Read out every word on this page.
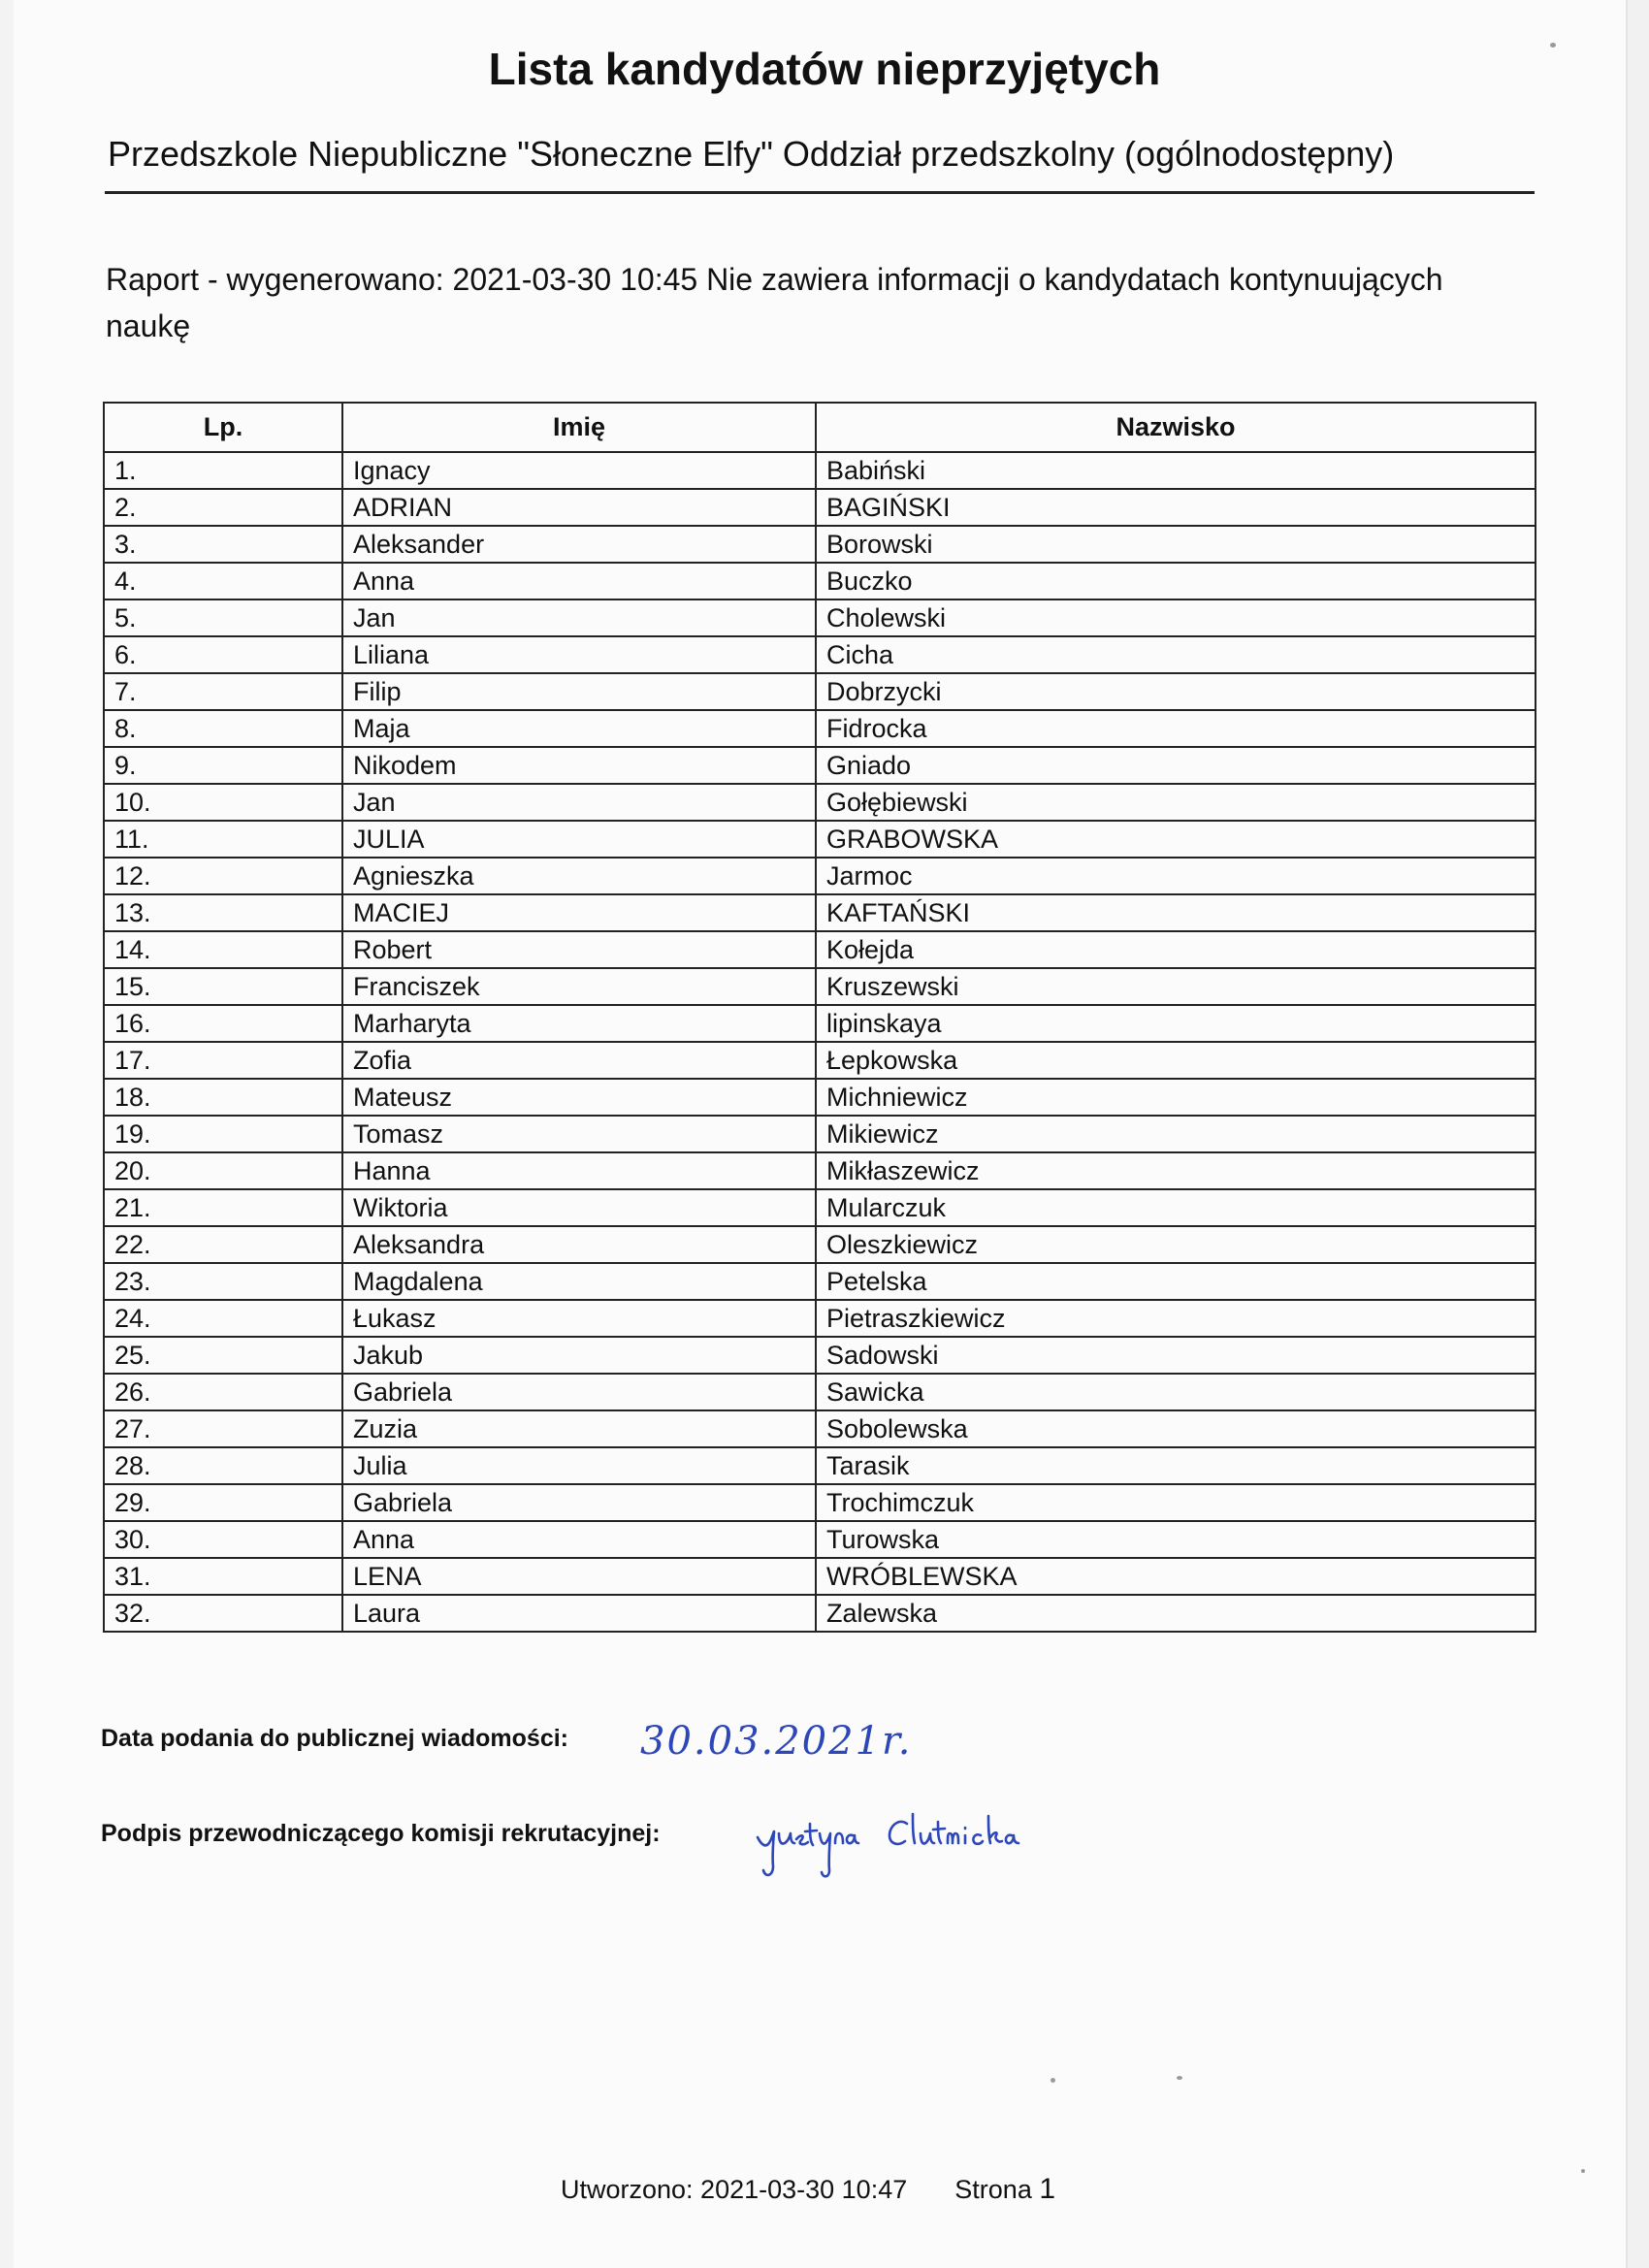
Lista kandydatów nieprzyjętych
Przedszkole Niepubliczne "Słoneczne Elfy" Oddział przedszkolny (ogólnodostępny)
Raport - wygenerowano: 2021-03-30 10:45 Nie zawiera informacji o kandydatach kontynuujących naukę
Lp.	Imię	Nazwisko
1.	Ignacy	Babiński
2.	ADRIAN	BAGIŃSKI
3.	Aleksander	Borowski
4.	Anna	Buczko
5.	Jan	Cholewski
6.	Liliana	Cicha
7.	Filip	Dobrzycki
8.	Maja	Fidrocka
9.	Nikodem	Gniado
10.	Jan	Gołębiewski
11.	JULIA	GRABOWSKA
12.	Agnieszka	Jarmoc
13.	MACIEJ	KAFTAŃSKI
14.	Robert	Kołejda
15.	Franciszek	Kruszewski
16.	Marharyta	lipinskaya
17.	Zofia	Łepkowska
18.	Mateusz	Michniewicz
19.	Tomasz	Mikiewicz
20.	Hanna	Mikłaszewicz
21.	Wiktoria	Mularczuk
22.	Aleksandra	Oleszkiewicz
23.	Magdalena	Petelska
24.	Łukasz	Pietraszkiewicz
25.	Jakub	Sadowski
26.	Gabriela	Sawicka
27.	Zuzia	Sobolewska
28.	Julia	Tarasik
29.	Gabriela	Trochimczuk
30.	Anna	Turowska
31.	LENA	WRÓBLEWSKA
32.	Laura	Zalewska
Data podania do publicznej wiadomości: 30.03.2021r.
Podpis przewodniczącego komisji rekrutacyjnej:
Utworzono: 2021-03-30 10:47 Strona 1
